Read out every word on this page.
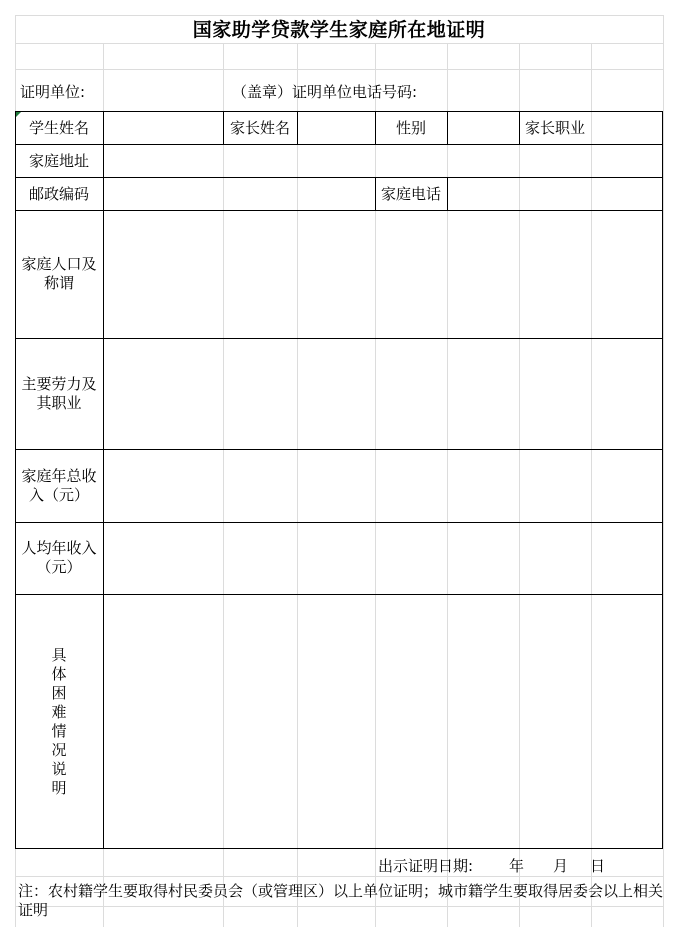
国家助学贷款学生家庭所在地证明
证明单位:	（盖章）证明单位电话号码:
学生姓名	家长姓名	性别	家长职业
家庭地址
邮政编码	家庭电话
家庭人口及
称谓
主要劳力及
其职业
家庭年总收
入（元）
人均年收入
（元）
具
体
困
难
情
况
说
明
出示证明日期: 年 月 日
注：农村籍学生要取得村民委员会（或管理区）以上单位证明；城市籍学生要取得居委会以上相关证明
